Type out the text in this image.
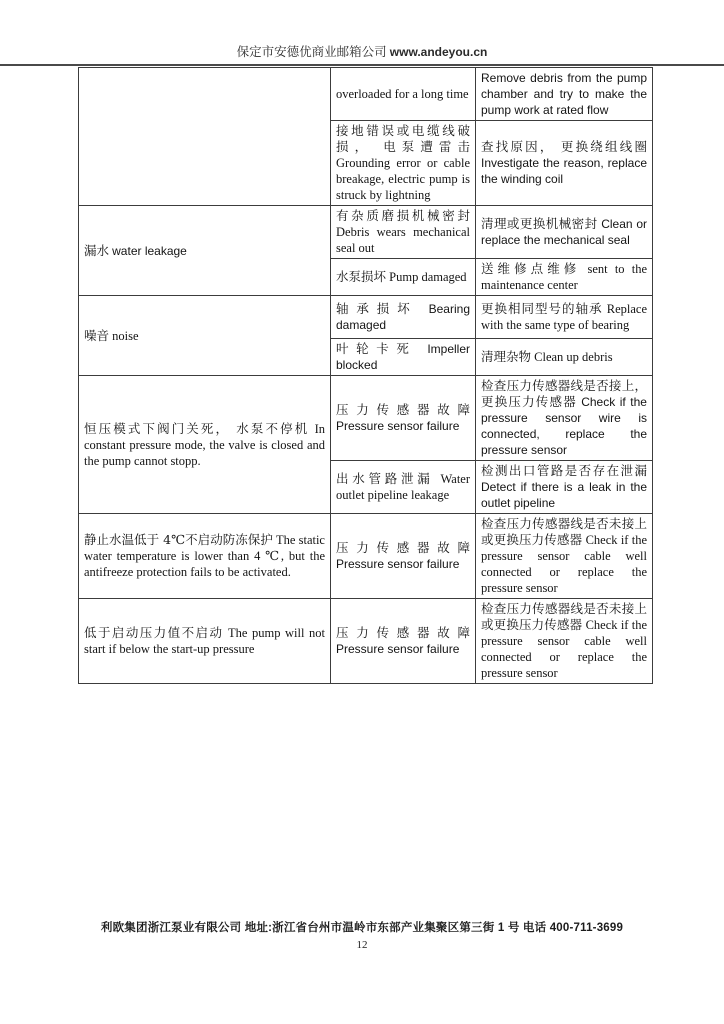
保定市安德优商业邮箱公司 www.andeyou.cn
	overloaded for a long time	Remove debris from the pump chamber and try to make the pump work at rated flow
	接地错误或电缆线破损， 电泵遭雷击 Grounding error or cable breakage, electric pump is struck by lightning	查找原因， 更换绕组线圈 Investigate the reason, replace the winding coil
漏水 water leakage	有杂质磨损机械密封 Debris wears mechanical seal out	清理或更换机械密封 Clean or replace the mechanical seal
	水泵损坏 Pump damaged	送维修点维修 sent to the maintenance center
噪音 noise	轴承损坏 Bearing damaged	更换相同型号的轴承 Replace with the same type of bearing
	叶轮卡死 Impeller blocked	清理杂物 Clean up debris
恒压模式下阀门关死， 水泵不停机 In constant pressure mode, the valve is closed and the pump cannot stopp.	压力传感器故障 Pressure sensor failure	检查压力传感器线是否接上，更换压力传感器 Check if the pressure sensor wire is connected, replace the pressure sensor
	出水管路泄漏 Water outlet pipeline leakage	检测出口管路是否存在泄漏 Detect if there is a leak in the outlet pipeline
静止水温低于 4℃不启动防冻保护 The static water temperature is lower than 4 ℃, but the antifreeze protection fails to be activated.	压力传感器故障 Pressure sensor failure	检查压力传感器线是否未接上或更换压力传感器 Check if the pressure sensor cable well connected or replace the pressure sensor
低于启动压力值不启动 The pump will not start if below the start-up pressure	压力传感器故障 Pressure sensor failure	检查压力传感器线是否未接上或更换压力传感器 Check if the pressure sensor cable well connected or replace the pressure sensor
利欧集团浙江泵业有限公司 地址:浙江省台州市温岭市东部产业集聚区第三街 1 号 电话 400-711-3699
12
